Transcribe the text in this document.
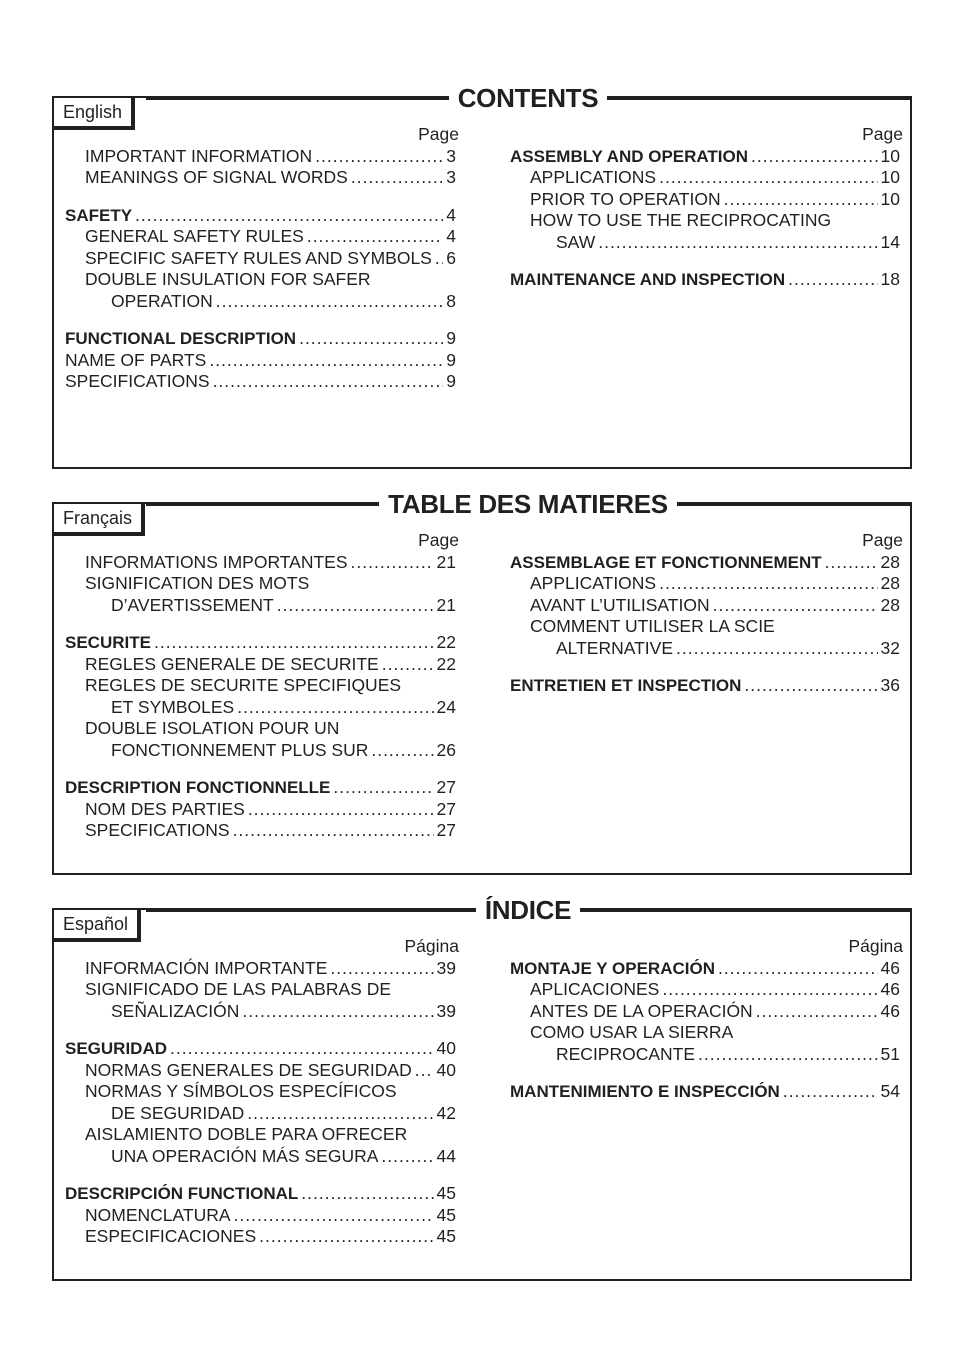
CONTENTS
English
Page
IMPORTANT INFORMATION .....	3
MEANINGS OF SIGNAL WORDS .....	3
SAFETY .....	4
GENERAL SAFETY RULES .....	4
SPECIFIC SAFETY RULES AND SYMBOLS ..... 6
DOUBLE INSULATION FOR SAFER
OPERATION .....	8
FUNCTIONAL DESCRIPTION .....	9
NAME OF PARTS .....	9
SPECIFICATIONS .....	9
Page
ASSEMBLY AND OPERATION .....	10
APPLICATIONS .....	10
PRIOR TO OPERATION .....	10
HOW TO USE THE RECIPROCATING
SAW .....	14
MAINTENANCE AND INSPECTION .....	18
TABLE DES MATIERES
Français
Page
INFORMATIONS IMPORTANTES .....	21
SIGNIFICATION DES MOTS
D’AVERTISSEMENT .....	21
SECURITE .....	22
REGLES GENERALE DE SECURITE .....	22
REGLES DE SECURITE SPECIFIQUES
ET SYMBOLES .....	24
DOUBLE ISOLATION POUR UN
FONCTIONNEMENT PLUS SUR .....	26
DESCRIPTION FONCTIONNELLE .....	27
NOM DES PARTIES .....	27
SPECIFICATIONS .....	27
Page
ASSEMBLAGE ET FONCTIONNEMENT .....	28
APPLICATIONS .....	28
AVANT L’UTILISATION .....	28
COMMENT UTILISER LA SCIE
ALTERNATIVE .....	32
ENTRETIEN ET INSPECTION .....	36
ÍNDICE
Español
Página
INFORMACIÓN IMPORTANTE .....	39
SIGNIFICADO DE LAS PALABRAS DE
SEÑALIZACIÓN .....	39
SEGURIDAD .....	40
NORMAS GENERALES DE SEGURIDAD ..... 40
NORMAS Y SÍMBOLOS ESPECÍFICOS
DE SEGURIDAD .....	42
AISLAMIENTO DOBLE PARA OFRECER
UNA OPERACIÓN MÁS SEGURA .....	44
DESCRIPCIÓN FUNCTIONAL .....	45
NOMENCLATURA .....	45
ESPECIFICACIONES .....	45
Página
MONTAJE Y OPERACIÓN .....	46
APLICACIONES .....	46
ANTES DE LA OPERACIÓN .....	46
COMO USAR LA SIERRA
RECIPROCANTE .....	51
MANTENIMIENTO E INSPECCIÓN .....	54
